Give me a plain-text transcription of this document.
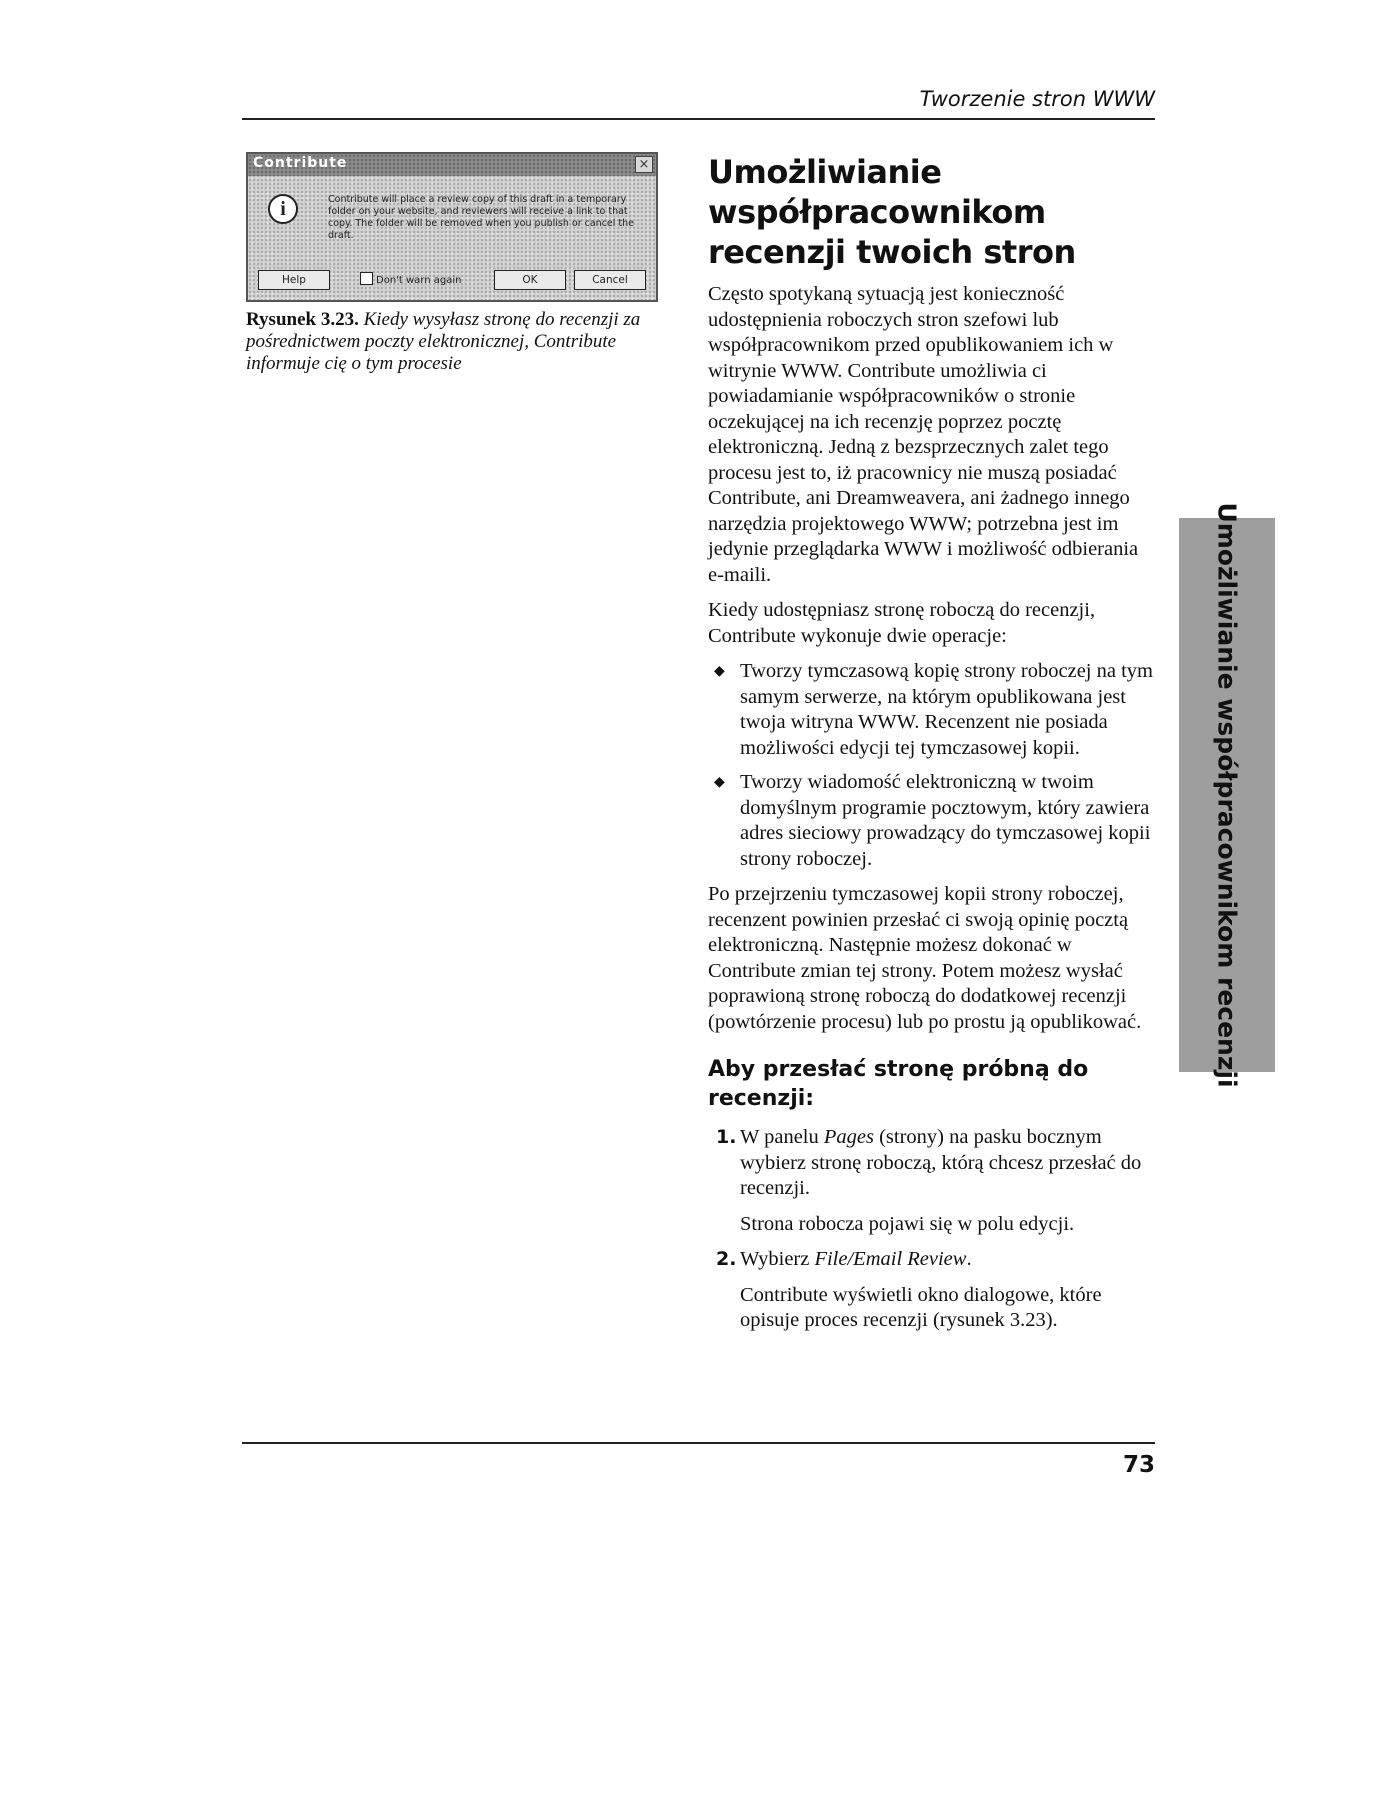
Tworzenie stron WWW
Contribute	×
i	Contribute will place a review copy of this draft in a temporary folder on your website, and reviewers will receive a link to that copy. The folder will be removed when you publish or cancel the draft.
Help	Don't warn again	OK	Cancel
Rysunek 3.23. Kiedy wysyłasz stronę do recenzji za pośrednictwem poczty elektronicznej, Contribute informuje cię o tym procesie
Umożliwianie współpracownikom recenzji twoich stron

Często spotykaną sytuacją jest konieczność udostępnienia roboczych stron szefowi lub współpracownikom przed opublikowaniem ich w witrynie WWW. Contribute umożliwia ci powiadamianie współpracowników o stronie oczekującej na ich recenzję poprzez pocztę elektroniczną. Jedną z bezsprzecznych zalet tego procesu jest to, iż pracownicy nie muszą posiadać Contribute, ani Dreamweavera, ani żadnego innego narzędzia projektowego WWW; potrzebna jest im jedynie przeglądarka WWW i możliwość odbierania e-maili.

Kiedy udostępniasz stronę roboczą do recenzji, Contribute wykonuje dwie operacje:

◆ Tworzy tymczasową kopię strony roboczej na tym samym serwerze, na którym opublikowana jest twoja witryna WWW. Recenzent nie posiada możliwości edycji tej tymczasowej kopii.
◆ Tworzy wiadomość elektroniczną w twoim domyślnym programie pocztowym, który zawiera adres sieciowy prowadzący do tymczasowej kopii strony roboczej.

Po przejrzeniu tymczasowej kopii strony roboczej, recenzent powinien przesłać ci swoją opinię pocztą elektroniczną. Następnie możesz dokonać w Contribute zmian tej strony. Potem możesz wysłać poprawioną stronę roboczą do dodatkowej recenzji (powtórzenie procesu) lub po prostu ją opublikować.

Aby przesłać stronę próbną do recenzji:
1. W panelu Pages (strony) na pasku bocznym wybierz stronę roboczą, którą chcesz przesłać do recenzji.

Strona robocza pojawi się w polu edycji.

2. Wybierz File/Email Review.

Contribute wyświetli okno dialogowe, które opisuje proces recenzji (rysunek 3.23).

Umożliwianie współpracownikom recenzji
73
